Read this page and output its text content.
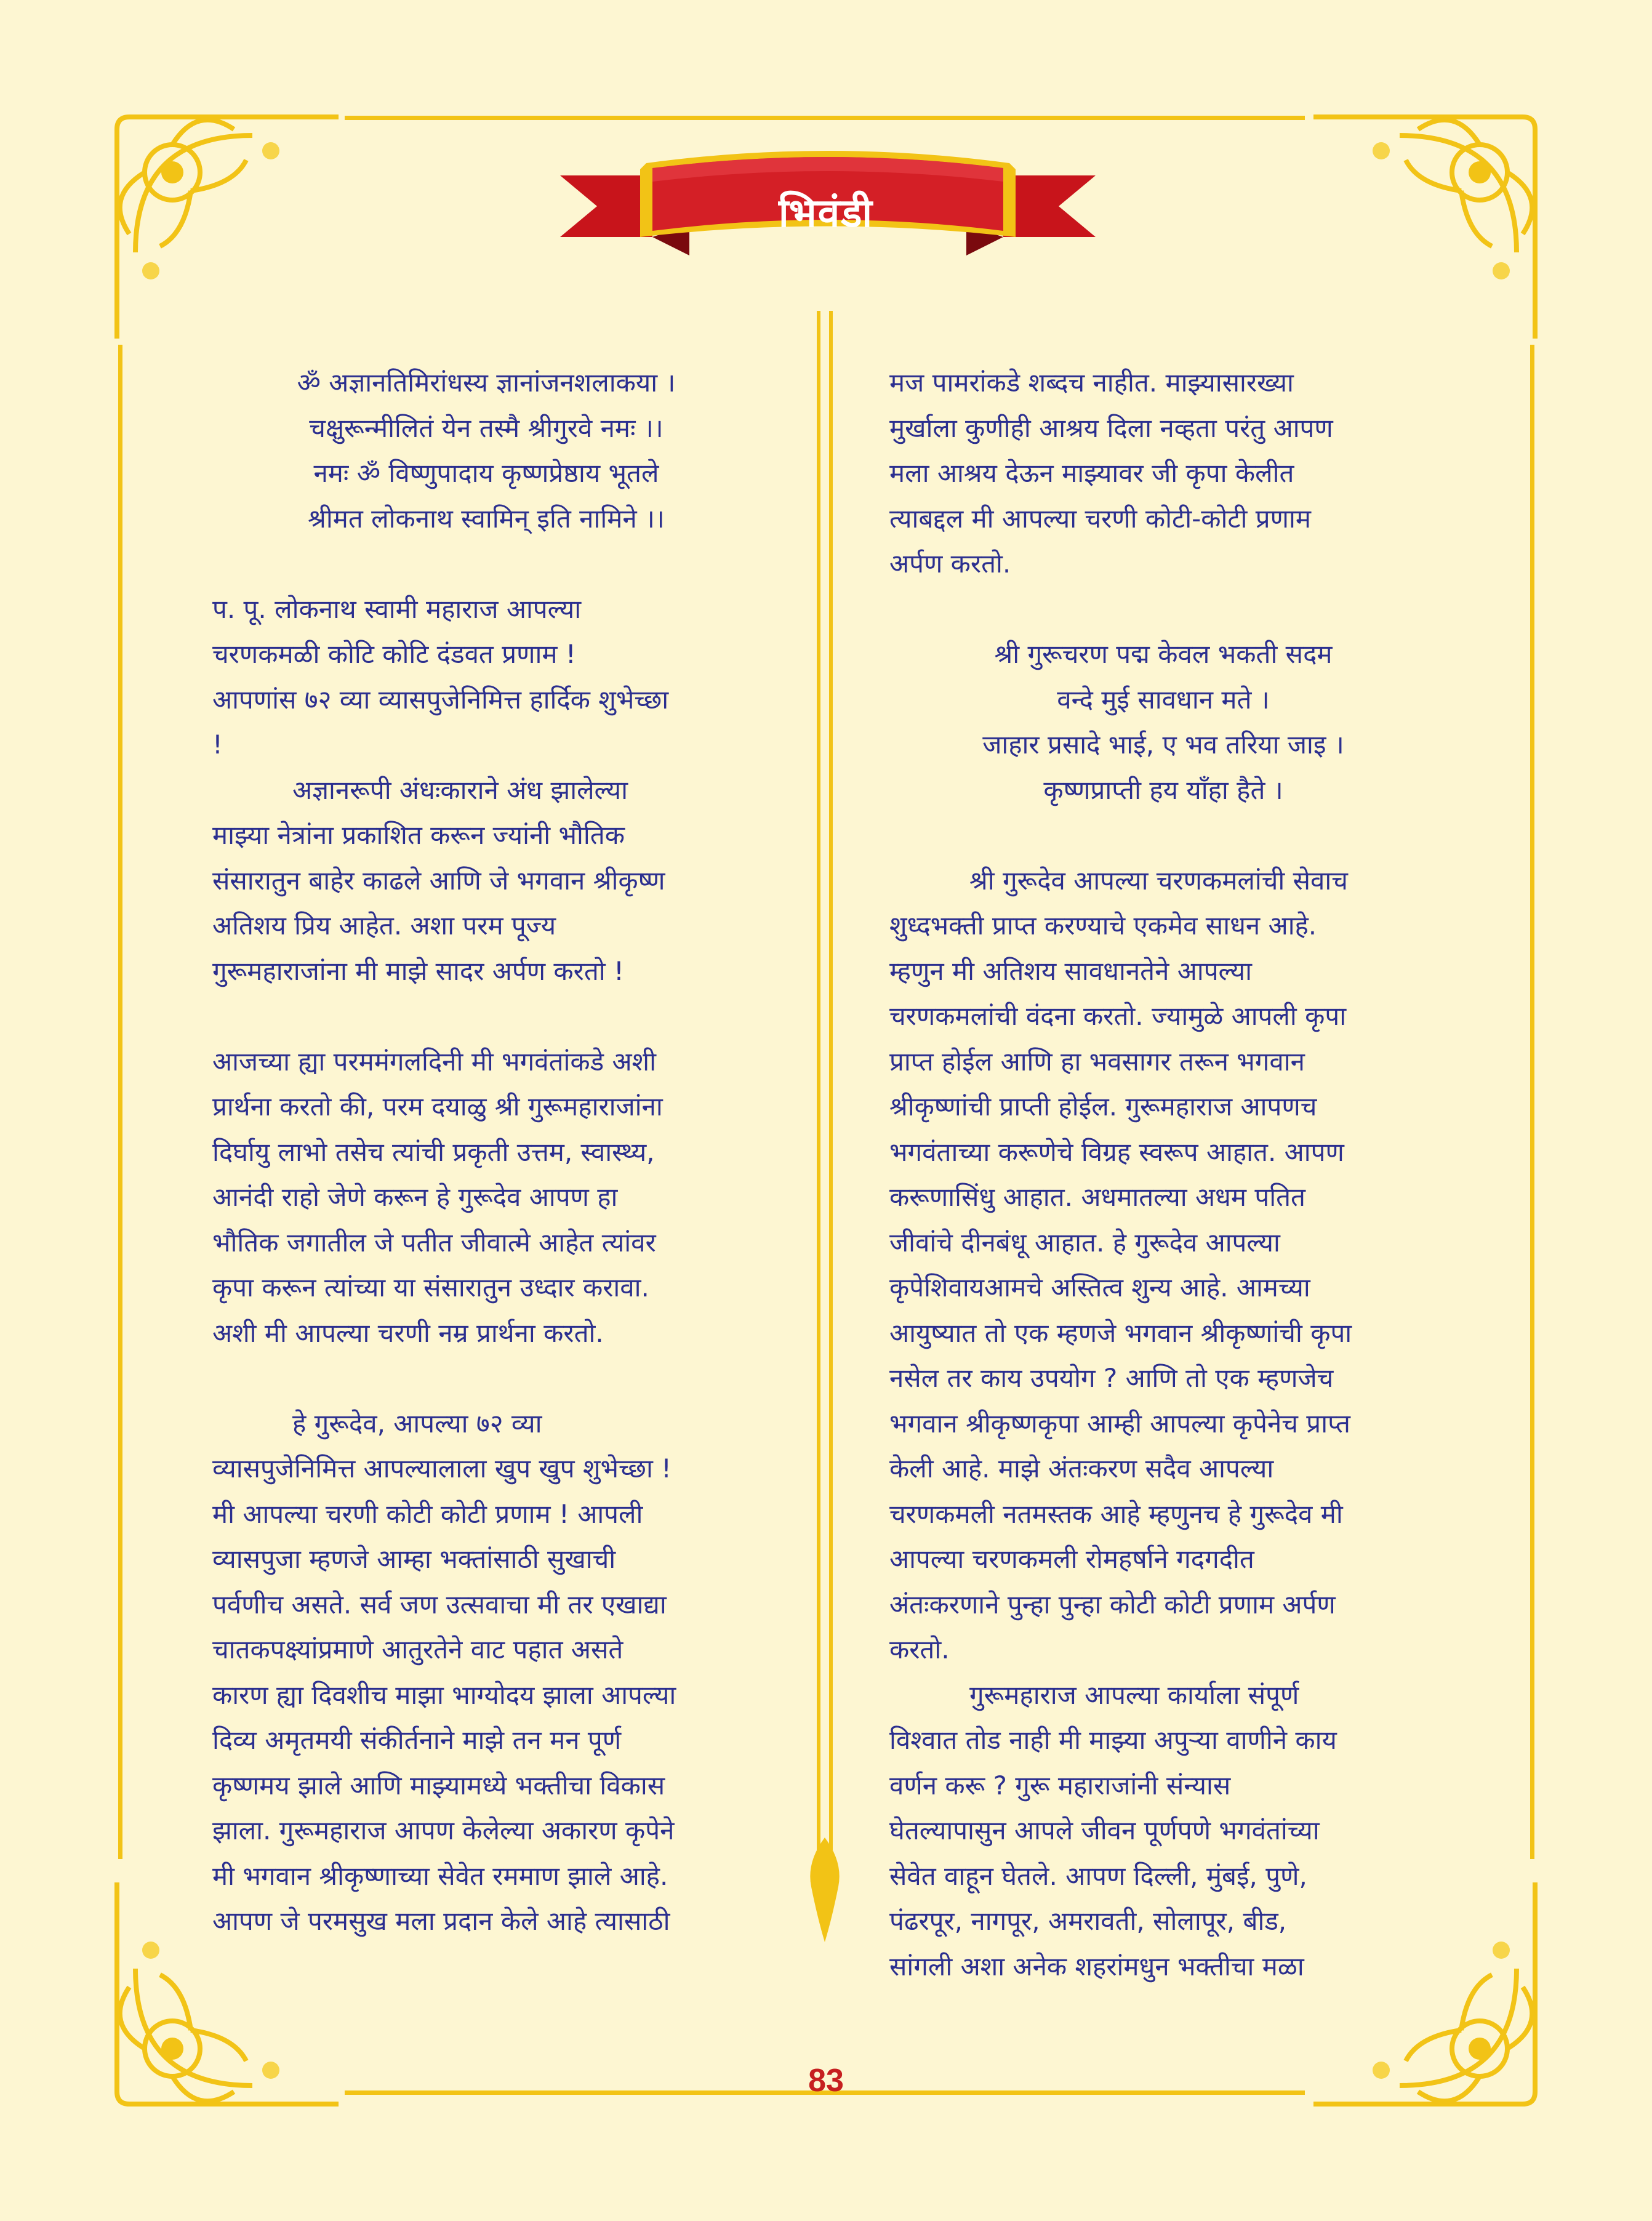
भिवंडी

ॐ अज्ञानतिमिरांधस्य ज्ञानांजनशलाकया ।

चक्षुरून्मीलितं येन तस्मै श्रीगुरवे नमः ।।

नमः ॐ विष्णुपादाय कृष्णप्रेष्ठाय भूतले

श्रीमत लोकनाथ स्वामिन् इति नामिने ।।

प. पू. लोकनाथ स्वामी महाराज आपल्या

चरणकमळी कोटि कोटि दंडवत प्रणाम !

आपणांस ७२ व्या व्यासपुजेनिमित्त हार्दिक शुभेच्छा

!

अज्ञानरूपी अंधःकाराने अंध झालेल्या

माझ्या नेत्रांना प्रकाशित करून ज्यांनी भौतिक

संसारातुन बाहेर काढले आणि जे भगवान श्रीकृष्ण

अतिशय प्रिय आहेत. अशा परम पूज्य

गुरूमहाराजांना मी माझे सादर अर्पण करतो !

आजच्या ह्या परममंगलदिनी मी भगवंतांकडे अशी

प्रार्थना करतो की, परम दयाळु श्री गुरूमहाराजांना

दिर्घायु लाभो तसेच त्यांची प्रकृती उत्तम, स्वास्थ्य,

आनंदी राहो जेणे करून हे गुरूदेव आपण हा

भौतिक जगातील जे पतीत जीवात्मे आहेत त्यांवर

कृपा करून त्यांच्या या संसारातुन उध्दार करावा.

अशी मी आपल्या चरणी नम्र प्रार्थना करतो.

हे गुरूदेव, आपल्या ७२ व्या

व्यासपुजेनिमित्त आपल्यालाला खुप खुप शुभेच्छा !

मी आपल्या चरणी कोटी कोटी प्रणाम ! आपली

व्यासपुजा म्हणजे आम्हा भक्तांसाठी सुखाची

पर्वणीच असते. सर्व जण उत्सवाचा मी तर एखाद्या

चातकपक्ष्यांप्रमाणे आतुरतेने वाट पहात असते

कारण ह्या दिवशीच माझा भाग्योदय झाला आपल्या

दिव्य अमृतमयी संकीर्तनाने माझे तन मन पूर्ण

कृष्णमय झाले आणि माझ्यामध्ये भक्तीचा विकास

झाला. गुरूमहाराज आपण केलेल्या अकारण कृपेने

मी भगवान श्रीकृष्णाच्या सेवेत रममाण झाले आहे.

आपण जे परमसुख मला प्रदान केले आहे त्यासाठी

मज पामरांकडे शब्दच नाहीत. माझ्यासारख्या

मुर्खाला कुणीही आश्रय दिला नव्हता परंतु आपण

मला आश्रय देऊन माझ्यावर जी कृपा केलीत

त्याबद्दल मी आपल्या चरणी कोटी-कोटी प्रणाम

अर्पण करतो.

श्री गुरूचरण पद्म केवल भकती सदम

वन्दे मुई सावधान मते ।

जाहार प्रसादे भाई, ए भव तरिया जाइ ।

कृष्णप्राप्ती हय याँहा हैते ।

श्री गुरूदेव आपल्या चरणकमलांची सेवाच

शुध्दभक्ती प्राप्त करण्याचे एकमेव साधन आहे.

म्हणुन मी अतिशय सावधानतेने आपल्या

चरणकमलांची वंदना करतो. ज्यामुळे आपली कृपा

प्राप्त होईल आणि हा भवसागर तरून भगवान

श्रीकृष्णांची प्राप्ती होईल. गुरूमहाराज आपणच

भगवंताच्या करूणेचे विग्रह स्वरूप आहात. आपण

करूणासिंधु आहात. अधमातल्या अधम पतित

जीवांचे दीनबंधू आहात. हे गुरूदेव आपल्या

कृपेशिवायआमचे अस्तित्व शुन्य आहे. आमच्या

आयुष्यात तो एक म्हणजे भगवान श्रीकृष्णांची कृपा

नसेल तर काय उपयोग ? आणि तो एक म्हणजेच

भगवान श्रीकृष्णकृपा आम्ही आपल्या कृपेनेच प्राप्त

केली आहे. माझे अंतःकरण सदैव आपल्या

चरणकमली नतमस्तक आहे म्हणुनच हे गुरूदेव मी

आपल्या चरणकमली रोमहर्षाने गदगदीत

अंतःकरणाने पुन्हा पुन्हा कोटी कोटी प्रणाम अर्पण

करतो.

गुरूमहाराज आपल्या कार्याला संपूर्ण

विश्वात तोड नाही मी माझ्या अपुऱ्या वाणीने काय

वर्णन करू ? गुरू महाराजांनी संन्यास

घेतल्यापासुन आपले जीवन पूर्णपणे भगवंतांच्या

सेवेत वाहून घेतले. आपण दिल्ली, मुंबई, पुणे,

पंढरपूर, नागपूर, अमरावती, सोलापूर, बीड,

सांगली अशा अनेक शहरांमधुन भक्तीचा मळा

83
